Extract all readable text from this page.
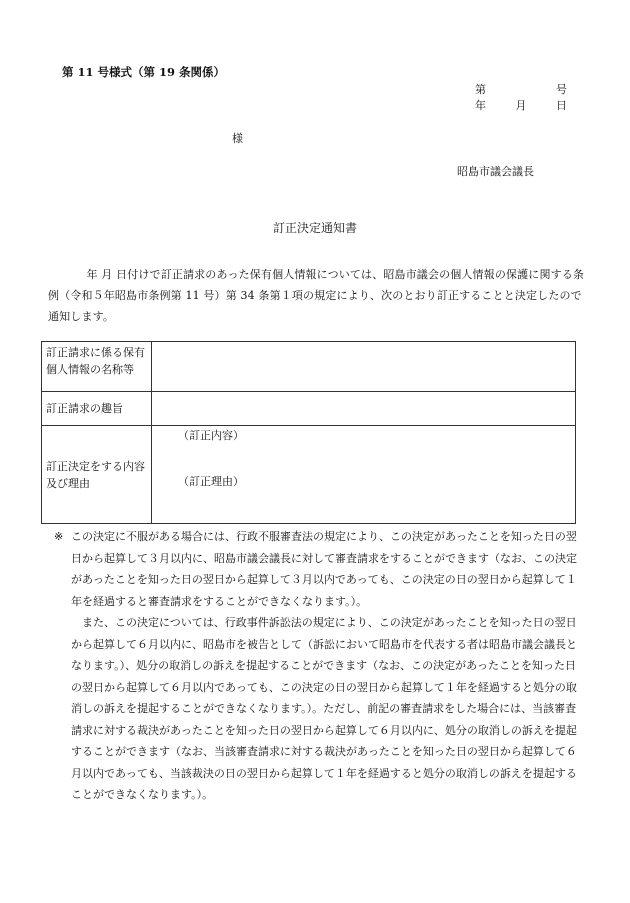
第 11 号様式（第 19 条関係）
第	号
年	月	日
様
昭島市議会議長
訂正決定通知書
年 月 日付けで訂正請求のあった保有個人情報については、昭島市議会の個人情報の保護に関する条例（令和５年昭島市条例第 11 号）第 34 条第１項の規定により、次のとおり訂正することと決定したので通知します。
訂正請求に係る保有個人情報の名称等	
訂正請求の趣旨	
訂正決定をする内容及び理由	（訂正内容）
（訂正理由）

※ この決定に不服がある場合には、行政不服審査法の規定により、この決定があったことを知った日の翌日から起算して３月以内に、昭島市議会議長に対して審査請求をすることができます（なお、この決定があったことを知った日の翌日から起算して３月以内であっても、この決定の日の翌日から起算して１年を経過すると審査請求をすることができなくなります。）。

また、この決定については、行政事件訴訟法の規定により、この決定があったことを知った日の翌日から起算して６月以内に、昭島市を被告として（訴訟において昭島市を代表する者は昭島市議会議長となります。）、処分の取消しの訴えを提起することができます（なお、この決定があったことを知った日の翌日から起算して６月以内であっても、この決定の日の翌日から起算して１年を経過すると処分の取消しの訴えを提起することができなくなります。）。ただし、前記の審査請求をした場合には、当該審査請求に対する裁決があったことを知った日の翌日から起算して６月以内に、処分の取消しの訴えを提起することができます（なお、当該審査請求に対する裁決があったことを知った日の翌日から起算して６月以内であっても、当該裁決の日の翌日から起算して１年を経過すると処分の取消しの訴えを提起することができなくなります。）。
